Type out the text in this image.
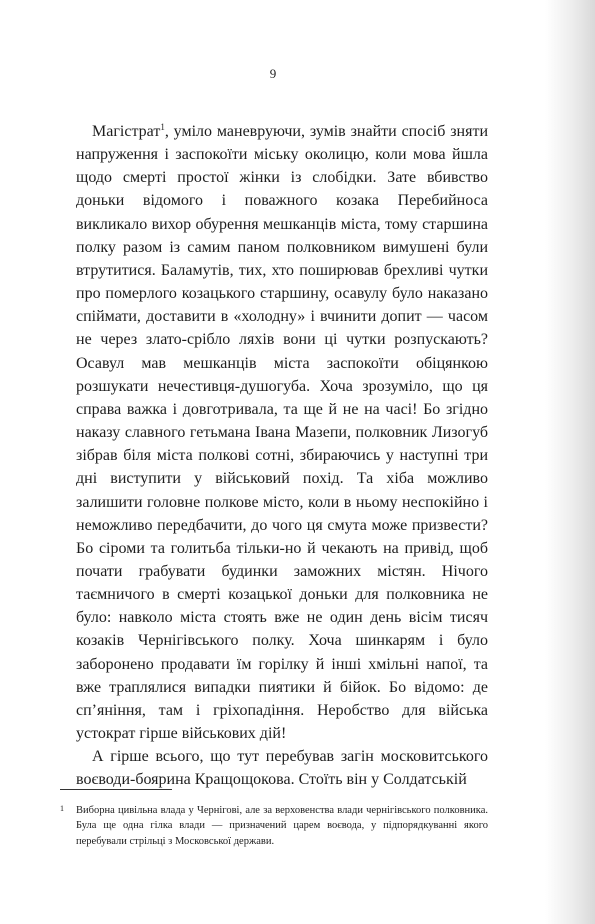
9

Магістрат$^1$, уміло маневруючи, зумів знайти спосіб зняти напруження і заспокоїти міську околицю, коли мова йшла щодо смерті простої жінки із слобідки. Зате вбивство доньки відомого і поважного козака Перебийноса викликало вихор обурення мешканців міста, тому старшина полку разом із самим паном полковником вимушені були втрутитися. Баламутів, тих, хто поширював брехливі чутки про померлого козацького старшину, осавулу було наказано спіймати, доставити в «холодну» і вчинити допит — часом не через злато-срібло ляхів вони ці чутки розпускають? Осавул мав мешканців міста заспокоїти обіцянкою розшукати нечестивця-душогуба. Хоча зрозуміло, що ця справа важка і довготривала, та ще й не на часі! Бо згідно наказу славного гетьмана Івана Мазепи, полковник Лизогуб зібрав біля міста полкові сотні, збираючись у наступні три дні виступити у військовий похід. Та хіба можливо залишити головне полкове місто, коли в ньому неспокійно і неможливо передбачити, до чого ця смута може призвести? Бо сіроми та голитьба тільки-но й чекають на привід, щоб почати грабувати будинки заможних містян. Нічого таємничого в смерті козацької доньки для полковника не було: навколо міста стоять вже не один день вісім тисяч козаків Чернігівського полку. Хоча шинкарям і було заборонено продавати їм горілку й інші хмільні напої, та вже траплялися випадки пиятики й бійок. Бо відомо: де сп’яніння, там і гріхопадіння. Неробство для війська устократ гірше військових дій!

А гірше всього, що тут перебував загін московитського воєводи-боярина Кращощокова. Стоїть він у Солдатській

1 Виборна цивільна влада у Чернігові, але за верховенства влади чернігівського полковника. Була ще одна гілка влади — призначений царем воєвода, у підпорядкуванні якого перебували стрільці з Московської держави.
